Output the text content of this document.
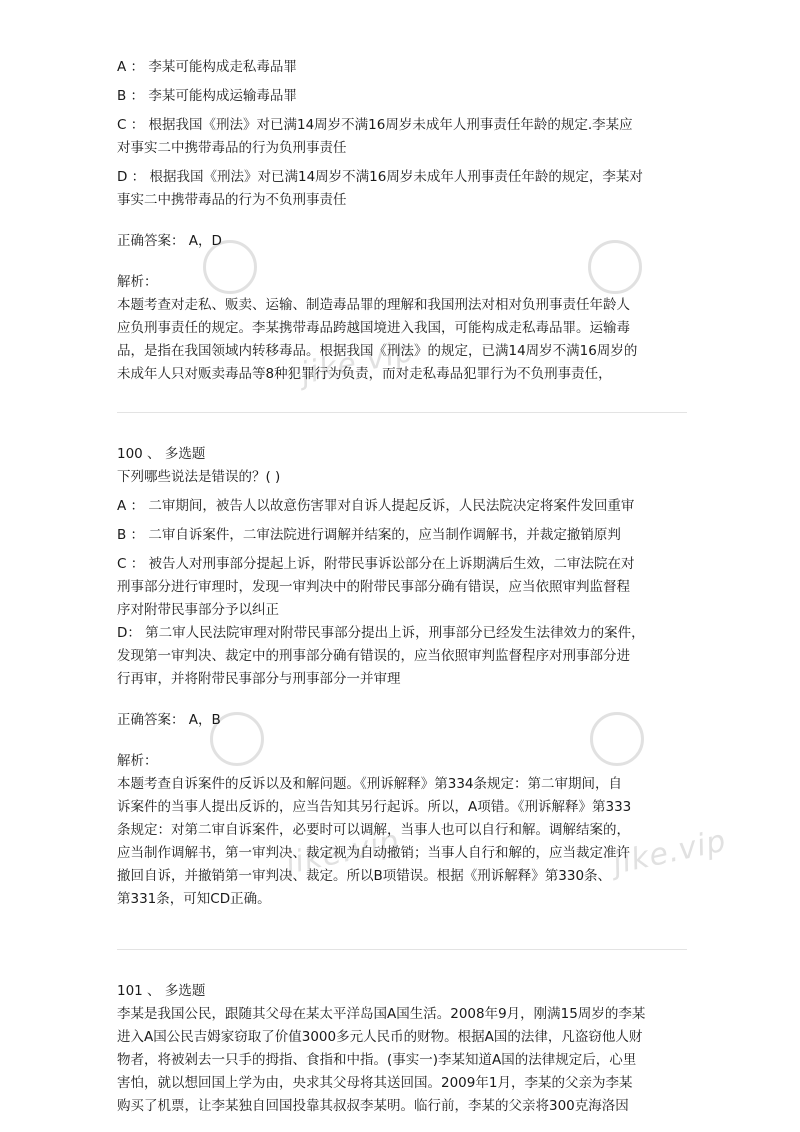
jike.vip
jike.vip	jike.vip
A ： 李某可能构成走私毒品罪
B ： 李某可能构成运输毒品罪
C ： 根据我国《刑法》对已满14周岁不满16周岁未成年人刑事责任年龄的规定.李某应
对事实二中携带毒品的行为负刑事责任
D ： 根据我国《刑法》对已满14周岁不满16周岁未成年人刑事责任年龄的规定，李某对
事实二中携带毒品的行为不负刑事责任
正确答案： A，D
解析：
本题考查对走私、贩卖、运输、制造毒品罪的理解和我国刑法对相对负刑事责任年龄人
应负刑事责任的规定。李某携带毒品跨越国境进入我国，可能构成走私毒品罪。运输毒
品，是指在我国领域内转移毒品。根据我国《刑法》的规定，已满14周岁不满16周岁的
未成年人只对贩卖毒品等8种犯罪行为负责，而对走私毒品犯罪行为不负刑事责任，
100 、 多选题
下列哪些说法是错误的？( )
A ： 二审期间，被告人以故意伤害罪对自诉人提起反诉，人民法院决定将案件发回重审
B ： 二审自诉案件，二审法院进行调解并结案的，应当制作调解书，并裁定撤销原判
C ： 被告人对刑事部分提起上诉，附带民事诉讼部分在上诉期满后生效，二审法院在对
刑事部分进行审理时，发现一审判决中的附带民事部分确有错误，应当依照审判监督程
序对附带民事部分予以纠正
D： 第二审人民法院审理对附带民事部分提出上诉，刑事部分已经发生法律效力的案件，
发现第一审判决、裁定中的刑事部分确有错误的，应当依照审判监督程序对刑事部分进
行再审，并将附带民事部分与刑事部分一并审理
正确答案： A，B
解析：
本题考查自诉案件的反诉以及和解问题。《刑诉解释》第334条规定：第二审期间，自
诉案件的当事人提出反诉的，应当告知其另行起诉。所以，A项错。《刑诉解释》第333
条规定：对第二审自诉案件，必要时可以调解，当事人也可以自行和解。调解结案的，
应当制作调解书，第一审判决、裁定视为自动撤销；当事人自行和解的，应当裁定准许
撤回自诉，并撤销第一审判决、裁定。所以B项错误。根据《刑诉解释》第330条、
第331条，可知CD正确。
101 、 多选题
李某是我国公民，跟随其父母在某太平洋岛国A国生活。2008年9月，刚满15周岁的李某
进入A国公民吉姆家窃取了价值3000多元人民币的财物。根据A国的法律，凡盗窃他人财
物者，将被剁去一只手的拇指、食指和中指。(事实一)李某知道A国的法律规定后，心里
害怕，就以想回国上学为由，央求其父母将其送回国。2009年1月，李某的父亲为李某
购买了机票，让李某独自回国投靠其叔叔李某明。临行前，李某的父亲将300克海洛因
